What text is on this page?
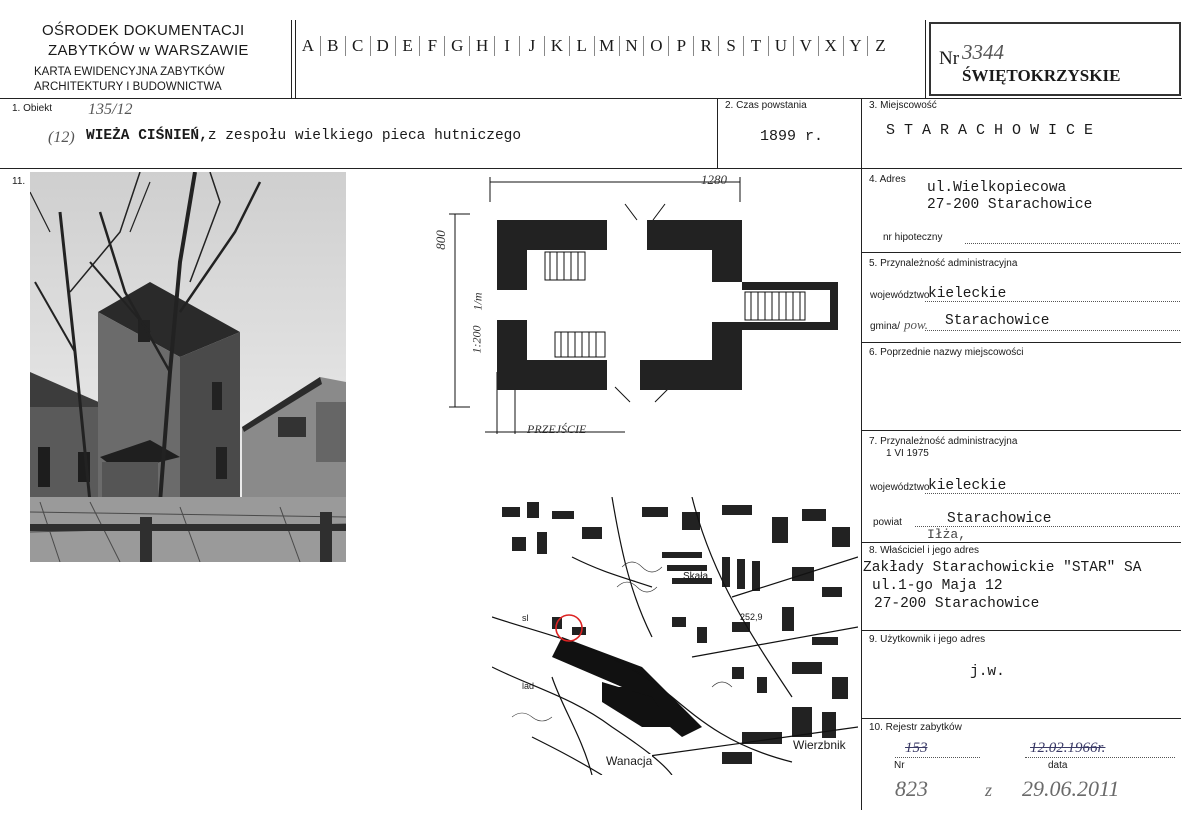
OŚRODEK DOKUMENTACJI
ZABYTKÓW w WARSZAWIE
KARTA EWIDENCYJNA ZABYTKÓW
ARCHITEKTURY I BUDOWNICTWA
A B C D E F G H I	J K L M N O P R S T U V X Y Z
Nr 3344
ŚWIĘTOKRZYSKIE
1. Obiekt 135/12
(12) WIEŻA CIŚNIEŃ,z zespołu wielkiego pieca hutniczego
2. Czas powstania
1899 r.
3. Miejscowość
S T A R A C H O W I C E
11.	1280
800
1/m
1:200
PRZEJŚCIE
Skała
252,9
lad
sl
Wierzbnik
Wanacja
4. Adres
ul.Wielkopiecowa
27-200 Starachowice
nr hipoteczny
5. Przynależność administracyjna
województwo
kieleckie
gmina/ pow. Starachowice
6. Poprzednie nazwy miejscowości
7. Przynależność administracyjna
1 VI 1975
województwo
kieleckie
powiat	Starachowice
Iłża,
8. Właściciel i jego adres
Zakłady Starachowickie "STAR" SA
ul.1-go Maja 12
27-200 Starachowice
9. Użytkownik i jego adres
j.w.
10. Rejestr zabytków
153	12.02.1966r.
Nr	data
823	z 29.06.2011
